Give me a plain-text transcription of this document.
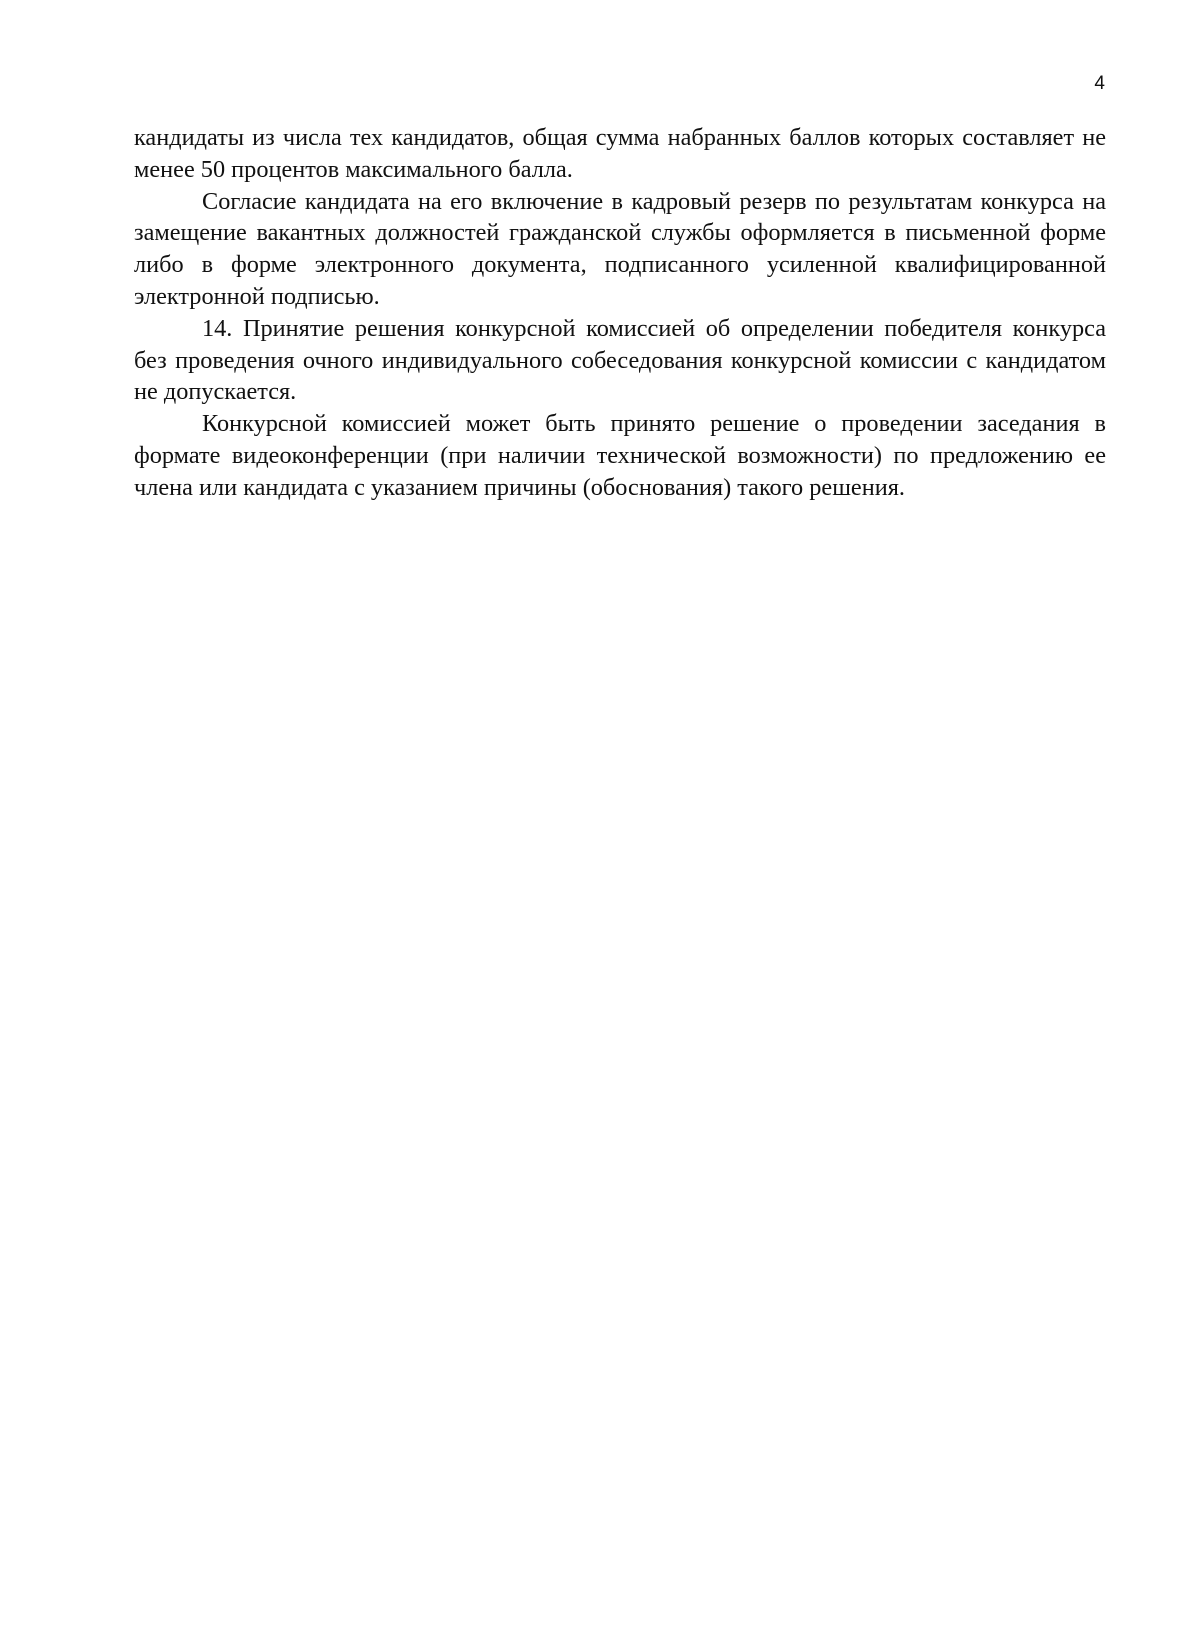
4

кандидаты из числа тех кандидатов, общая сумма набранных баллов которых составляет не менее 50 процентов максимального балла.

Согласие кандидата на его включение в кадровый резерв по результатам конкурса на замещение вакантных должностей гражданской службы оформляется в письменной форме либо в форме электронного документа, подписанного усиленной квалифицированной электронной подписью.

14. Принятие решения конкурсной комиссией об определении победителя конкурса без проведения очного индивидуального собеседования конкурсной комиссии с кандидатом не допускается.

Конкурсной комиссией может быть принято решение о проведении заседания в формате видеоконференции (при наличии технической возможности) по предложению ее члена или кандидата с указанием причины (обоснования) такого решения.
